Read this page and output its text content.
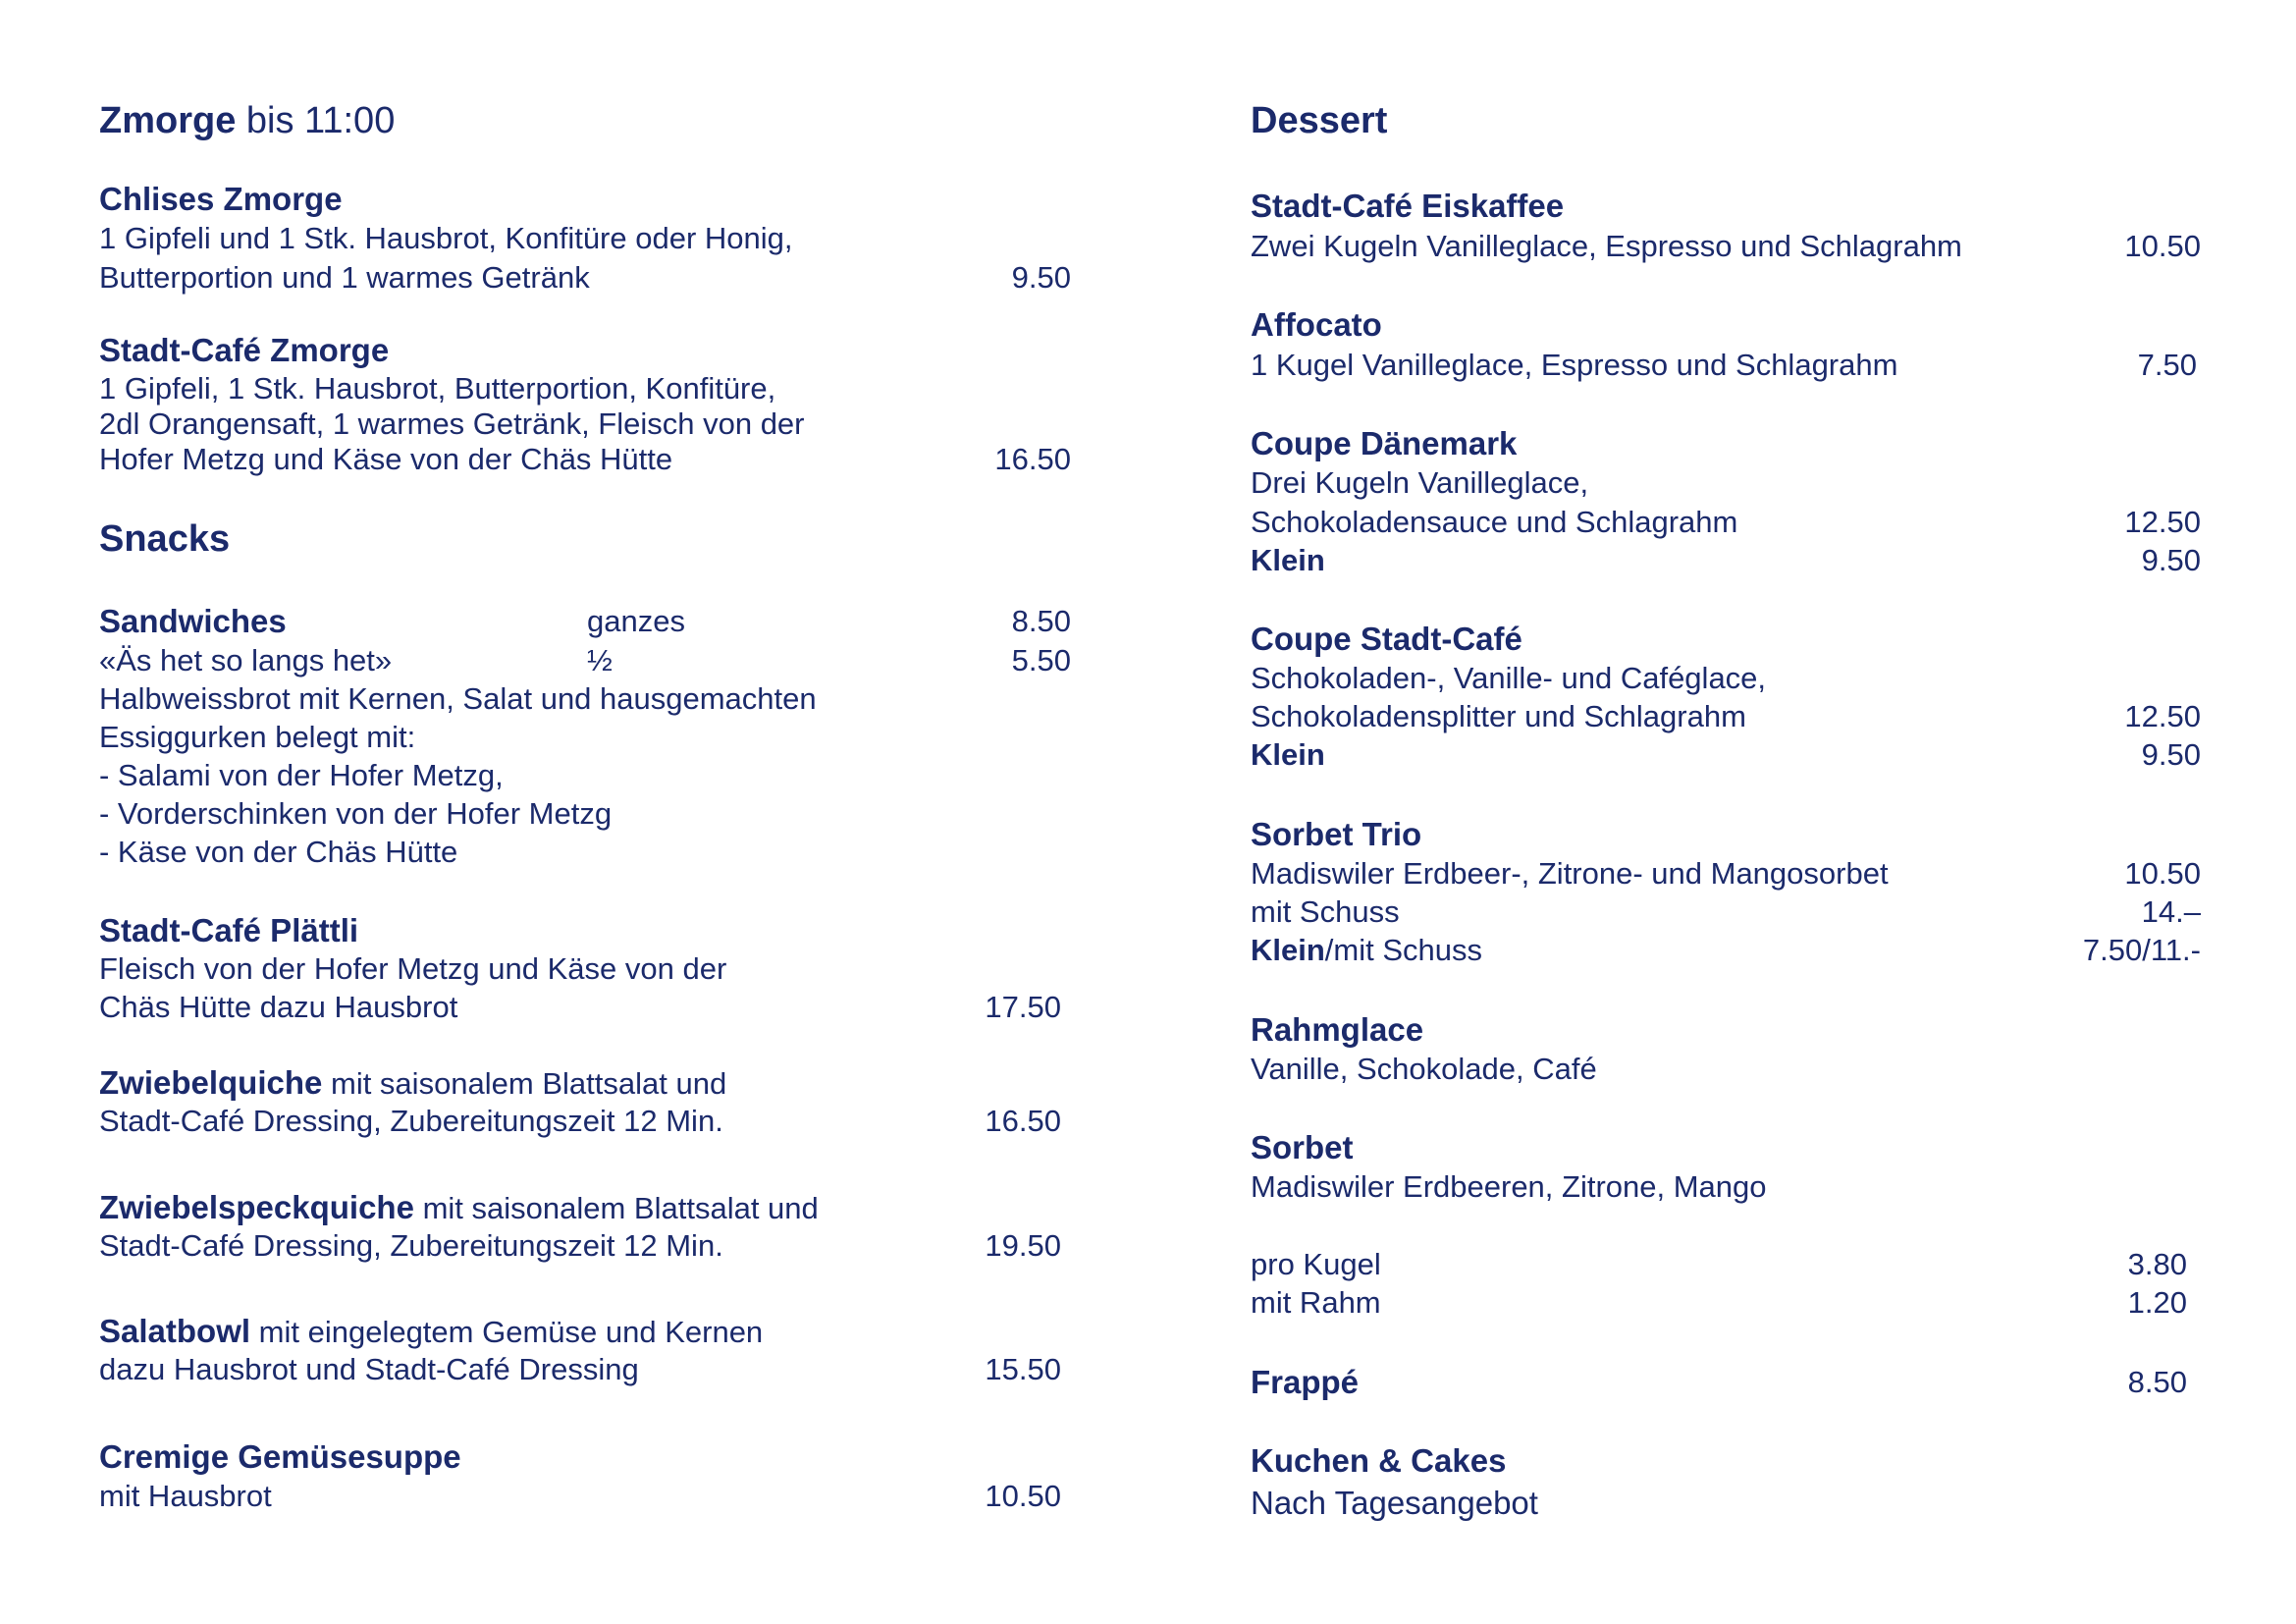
Zmorge bis 11:00
Chlises Zmorge
1 Gipfeli und 1 Stk. Hausbrot, Konfitüre oder Honig,
Butterportion und 1 warmes Getränk	9.50
Stadt-Café Zmorge
1 Gipfeli, 1 Stk. Hausbrot, Butterportion, Konfitüre,
2dl Orangensaft, 1 warmes Getränk, Fleisch von der
Hofer Metzg und Käse von der Chäs Hütte	16.50
Snacks
Sandwiches	ganzes	8.50
«Äs het so langs het»	½	5.50
Halbweissbrot mit Kernen, Salat und hausgemachten
Essiggurken belegt mit:
- Salami von der Hofer Metzg,
- Vorderschinken von der Hofer Metzg
- Käse von der Chäs Hütte
Stadt-Café Plättli
Fleisch von der Hofer Metzg und Käse von der
Chäs Hütte dazu Hausbrot	17.50
Zwiebelquiche mit saisonalem Blattsalat und
Stadt-Café Dressing, Zubereitungszeit 12 Min.	16.50
Zwiebelspeckquiche mit saisonalem Blattsalat und
Stadt-Café Dressing, Zubereitungszeit 12 Min.	19.50
Salatbowl mit eingelegtem Gemüse und Kernen
dazu Hausbrot und Stadt-Café Dressing	15.50
Cremige Gemüsesuppe
mit Hausbrot	10.50
Dessert
Stadt-Café Eiskaffee
Zwei Kugeln Vanilleglace, Espresso und Schlagrahm	10.50
Affocato
1 Kugel Vanilleglace, Espresso und Schlagrahm	7.50
Coupe Dänemark
Drei Kugeln Vanilleglace,
Schokoladensauce und Schlagrahm	12.50
Klein	9.50
Coupe Stadt-Café
Schokoladen-, Vanille- und Caféglace,
Schokoladensplitter und Schlagrahm	12.50
Klein	9.50
Sorbet Trio
Madiswiler Erdbeer-, Zitrone- und Mangosorbet	10.50
mit Schuss	14.–
Klein/mit Schuss	7.50/11.-
Rahmglace
Vanille, Schokolade, Café
Sorbet
Madiswiler Erdbeeren, Zitrone, Mango
pro Kugel	3.80
mit Rahm	1.20
Frappé	8.50
Kuchen & Cakes
Nach Tagesangebot
